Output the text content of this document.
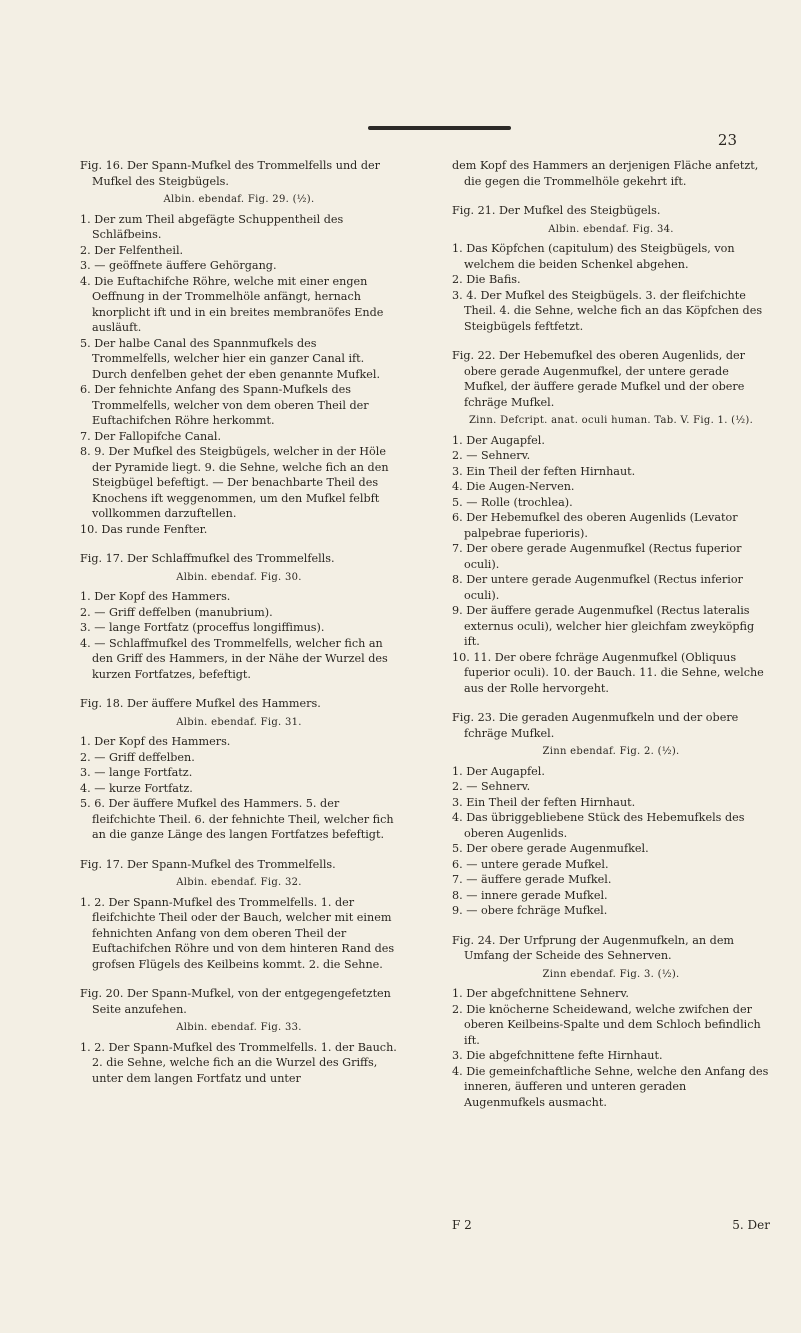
23
Fig. 16. Der Spann-Mufkel des Trommelfells und der Mufkel des Steigbügels.
Albin. ebendaf. Fig. 29. (½).
1. Der zum Theil abgefägte Schuppentheil des Schläfbeins.
2. Der Felfentheil.
3. — geöffnete äuffere Gehörgang.
4. Die Euftachifche Röhre, welche mit einer engen Oeffnung in der Trommelhöle anfängt, hernach knorplicht ift und in ein breites membranöfes Ende ausläuft.
5. Der halbe Canal des Spannmufkels des Trommelfells, welcher hier ein ganzer Canal ift. Durch denfelben gehet der eben genannte Mufkel.
6. Der fehnichte Anfang des Spann-Mufkels des Trommelfells, welcher von dem oberen Theil der Euftachifchen Röhre herkommt.
7. Der Fallopifche Canal.
8. 9. Der Mufkel des Steigbügels, welcher in der Höle der Pyramide liegt. 9. die Sehne, welche fich an den Steigbügel befeftigt. — Der benachbarte Theil des Knochens ift weggenommen, um den Mufkel felbft vollkommen darzuftellen.
10. Das runde Fenfter.
Fig. 17. Der Schlaffmufkel des Trommelfells.
Albin. ebendaf. Fig. 30.
1. Der Kopf des Hammers.
2. — Griff deffelben (manubrium).
3. — lange Fortfatz (proceffus longiffimus).
4. — Schlaffmufkel des Trommelfells, welcher fich an den Griff des Hammers, in der Nähe der Wurzel des kurzen Fortfatzes, befeftigt.
Fig. 18. Der äuffere Mufkel des Hammers.
Albin. ebendaf. Fig. 31.
1. Der Kopf des Hammers.
2. — Griff deffelben.
3. — lange Fortfatz.
4. — kurze Fortfatz.
5. 6. Der äuffere Mufkel des Hammers. 5. der fleifchichte Theil. 6. der fehnichte Theil, welcher fich an die ganze Länge des langen Fortfatzes befeftigt.
Fig. 17. Der Spann-Mufkel des Trommelfells.
Albin. ebendaf. Fig. 32.
1. 2. Der Spann-Mufkel des Trommelfells. 1. der fleifchichte Theil oder der Bauch, welcher mit einem fehnichten Anfang von dem oberen Theil der Euftachifchen Röhre und von dem hinteren Rand des grofsen Flügels des Keilbeins kommt. 2. die Sehne.
Fig. 20. Der Spann-Mufkel, von der entgegengefetzten Seite anzufehen.
Albin. ebendaf. Fig. 33.
1. 2. Der Spann-Mufkel des Trommelfells. 1. der Bauch. 2. die Sehne, welche fich an die Wurzel des Griffs, unter dem langen Fortfatz und unter
dem Kopf des Hammers an derjenigen Fläche anfetzt, die gegen die Trommelhöle gekehrt ift.
Fig. 21. Der Mufkel des Steigbügels.
Albin. ebendaf. Fig. 34.
1. Das Köpfchen (capitulum) des Steigbügels, von welchem die beiden Schenkel abgehen.
2. Die Bafis.
3. 4. Der Mufkel des Steigbügels. 3. der fleifchichte Theil. 4. die Sehne, welche fich an das Köpfchen des Steigbügels feftfetzt.
Fig. 22. Der Hebemufkel des oberen Augenlids, der obere gerade Augenmufkel, der untere gerade Mufkel, der äuffere gerade Mufkel und der obere fchräge Mufkel.
Zinn. Defcript. anat. oculi human. Tab. V. Fig. 1. (½).
1. Der Augapfel.
2. — Sehnerv.
3. Ein Theil der feften Hirnhaut.
4. Die Augen-Nerven.
5. — Rolle (trochlea).
6. Der Hebemufkel des oberen Augenlids (Levator palpebrae fuperioris).
7. Der obere gerade Augenmufkel (Rectus fuperior oculi).
8. Der untere gerade Augenmufkel (Rectus inferior oculi).
9. Der äuffere gerade Augenmufkel (Rectus lateralis externus oculi), welcher hier gleichfam zweyköpfig ift.
10. 11. Der obere fchräge Augenmufkel (Obliquus fuperior oculi). 10. der Bauch. 11. die Sehne, welche aus der Rolle hervorgeht.
Fig. 23. Die geraden Augenmufkeln und der obere fchräge Mufkel.
Zinn ebendaf. Fig. 2. (½).
1. Der Augapfel.
2. — Sehnerv.
3. Ein Theil der feften Hirnhaut.
4. Das übriggebliebene Stück des Hebemufkels des oberen Augenlids.
5. Der obere gerade Augenmufkel.
6. — untere gerade Mufkel.
7. — äuffere gerade Mufkel.
8. — innere gerade Mufkel.
9. — obere fchräge Mufkel.
Fig. 24. Der Urfprung der Augenmufkeln, an dem Umfang der Scheide des Sehnerven.
Zinn ebendaf. Fig. 3. (½).
1. Der abgefchnittene Sehnerv.
2. Die knöcherne Scheidewand, welche zwifchen der oberen Keilbeins-Spalte und dem Schloch befindlich ift.
3. Die abgefchnittene fefte Hirnhaut.
4. Die gemeinfchaftliche Sehne, welche den Anfang des inneren, äufferen und unteren geraden Augenmufkels ausmacht.
F 2	5. Der
